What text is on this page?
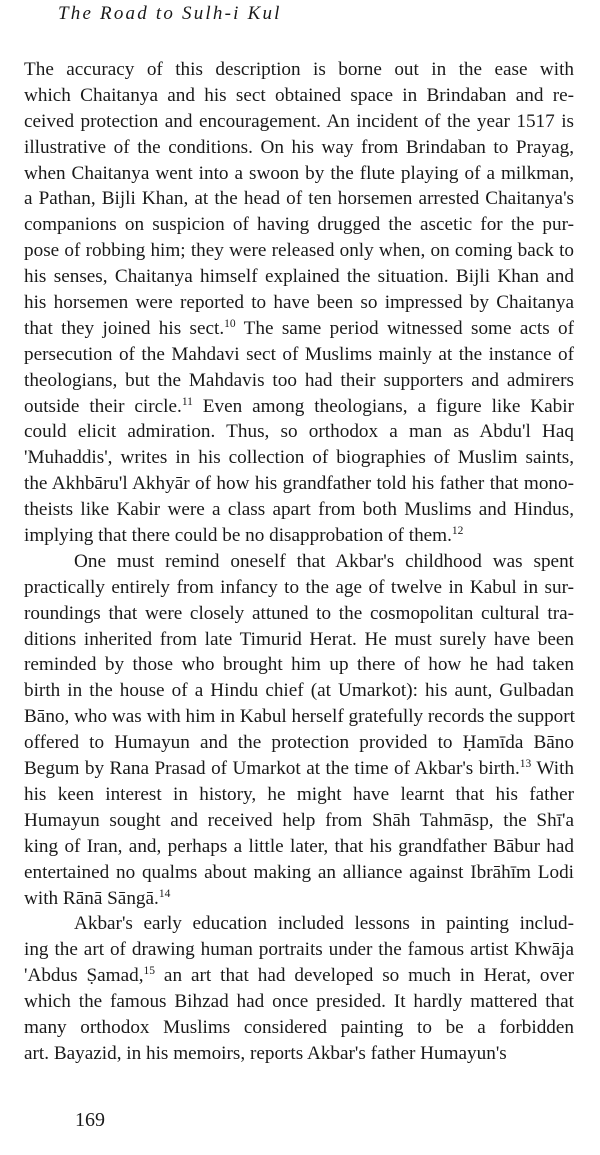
The Road to Sulh-i Kul

The accuracy of this description is borne out in the ease with
which Chaitanya and his sect obtained space in Brindaban and re-
ceived protection and encouragement. An incident of the year 1517 is
illustrative of the conditions. On his way from Brindaban to Prayag,
when Chaitanya went into a swoon by the flute playing of a milkman,
a Pathan, Bijli Khan, at the head of ten horsemen arrested Chaitanya's
companions on suspicion of having drugged the ascetic for the pur-
pose of robbing him; they were released only when, on coming back to
his senses, Chaitanya himself explained the situation. Bijli Khan and
his horsemen were reported to have been so impressed by Chaitanya
that they joined his sect.$^{10}$ The same period witnessed some acts of
persecution of the Mahdavi sect of Muslims mainly at the instance of
theologians, but the Mahdavis too had their supporters and admirers
outside their circle.$^{11}$ Even among theologians, a figure like Kabir
could elicit admiration. Thus, so orthodox a man as Abdu'l Haq
'Muhaddis', writes in his collection of biographies of Muslim saints,
the Akhbāru'l Akhyār of how his grandfather told his father that mono-
theists like Kabir were a class apart from both Muslims and Hindus,
implying that there could be no disapprobation of them.$^{12}$

One must remind oneself that Akbar's childhood was spent
practically entirely from infancy to the age of twelve in Kabul in sur-
roundings that were closely attuned to the cosmopolitan cultural tra-
ditions inherited from late Timurid Herat. He must surely have been
reminded by those who brought him up there of how he had taken
birth in the house of a Hindu chief (at Umarkot): his aunt, Gulbadan
Bāno, who was with him in Kabul herself gratefully records the support
offered to Humayun and the protection provided to Ḥamīda Bāno
Begum by Rana Prasad of Umarkot at the time of Akbar's birth.$^{13}$ With
his keen interest in history, he might have learnt that his father
Humayun sought and received help from Shāh Tahmāsp, the Shī'a
king of Iran, and, perhaps a little later, that his grandfather Bābur had
entertained no qualms about making an alliance against Ibrāhīm Lodi
with Rānā Sāngā.$^{14}$

Akbar's early education included lessons in painting includ-
ing the art of drawing human portraits under the famous artist Khwāja
'Abdus Ṣamad,$^{15}$ an art that had developed so much in Herat, over
which the famous Bihzad had once presided. It hardly mattered that
many orthodox Muslims considered painting to be a forbidden
art. Bayazid, in his memoirs, reports Akbar's father Humayun's

169
